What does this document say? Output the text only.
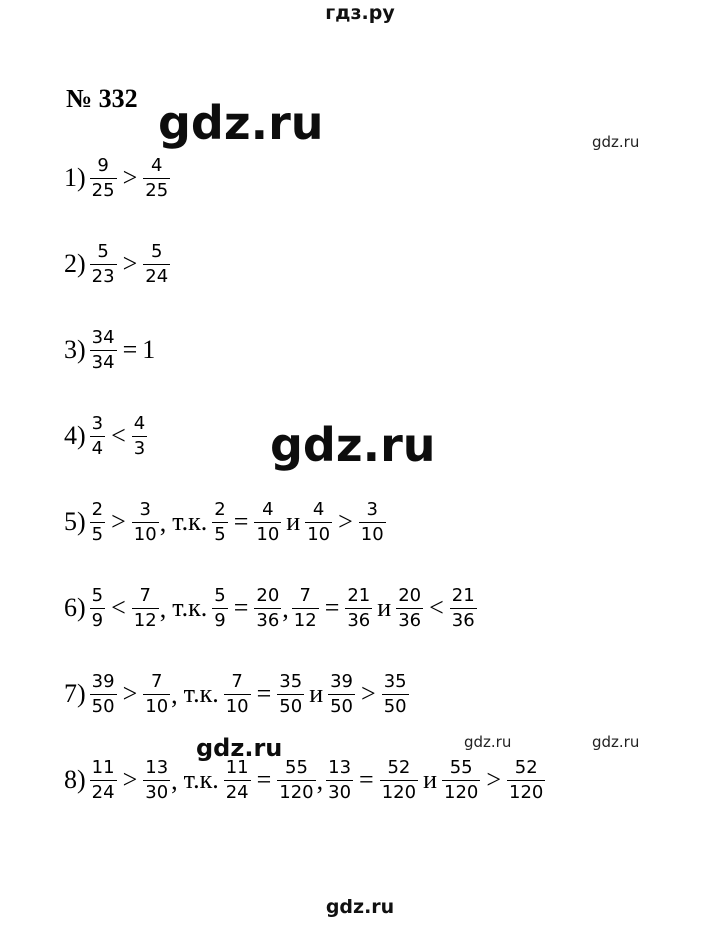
гдз.ру
gdz.ru	gdz.ru
gdz.ru
gdz.ru	gdz.ru	gdz.ru
№ 332
$1) \frac{9}{25} > \frac{4}{25}$
$2) \frac{5}{23} > \frac{5}{24}$
$3) \frac{34}{34} = 1$
$4) \frac{3}{4} < \frac{4}{3}$
$5) \frac{2}{5} > \frac{3}{10}$ , т.к. $\frac{2}{5} = \frac{4}{10}$ и $\frac{4}{10} > \frac{3}{10}$
$6) \frac{5}{9} < \frac{7}{12}$ , т.к. $\frac{5}{9} = \frac{20}{36}$ , $\frac{7}{12} = \frac{21}{36}$ и $\frac{20}{36} < \frac{21}{36}$
$7) \frac{39}{50} > \frac{7}{10}$ , т.к. $\frac{7}{10} = \frac{35}{50}$ и $\frac{39}{50} > \frac{35}{50}$
$8) \frac{11}{24} > \frac{13}{30}$ , т.к. $\frac{11}{24} = \frac{55}{120}$ , $\frac{13}{30} = \frac{52}{120}$ и $\frac{55}{120} > \frac{52}{120}$
gdz.ru
